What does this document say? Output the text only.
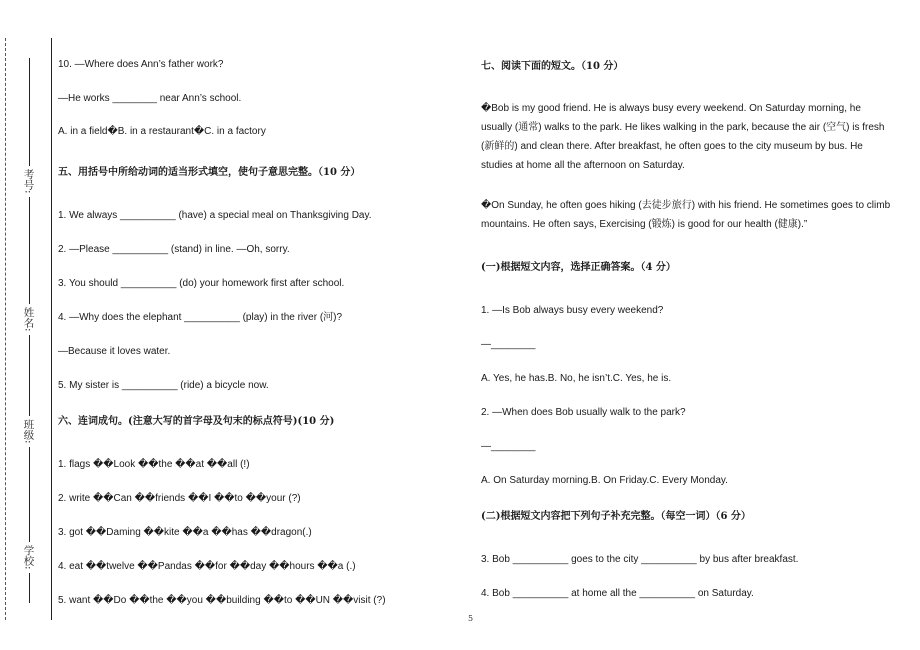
考号:
姓名:
班级:
学校:
10. —Where does Ann’s father work?
—He works ________ near Ann’s school.
A. in a field�B. in a restaurant�C. in a factory
五、用括号中所给动词的适当形式填空，使句子意思完整。（10 分）
1. We always __________ (have) a special meal on Thanksgiving Day.
2. —Please __________ (stand) in line. —Oh, sorry.
3. You should __________ (do) your homework first after school.
4. —Why does the elephant __________ (play) in the river (河)?
—Because it loves water.
5. My sister is __________ (ride) a bicycle now.
六、连词成句。(注意大写的首字母及句末的标点符号)(10 分)
1. flags ��Look ��the ��at ��all (!)
2. write ��Can ��friends ��I ��to ��your (?)
3. got ��Daming ��kite ��a ��has ��dragon(.)
4. eat ��twelve ��Pandas ��for ��day ��hours ��a (.)
5. want ��Do ��the ��you ��building ��to ��UN ��visit (?)
七、阅读下面的短文。（10 分）
�Bob is my good friend. He is always busy every weekend. On Saturday morning, he usually (通常) walks to the park. He likes walking in the park, because the air (空气) is fresh (新鲜的) and clean there. After breakfast, he often goes to the city museum by bus. He studies at home all the afternoon on Saturday.
�On Sunday, he often goes hiking (去徒步旅行) with his friend. He sometimes goes to climb mountains. He often says, Exercising (锻炼) is good for our health (健康).”
(一)根据短文内容，选择正确答案。（4 分）
1. —Is Bob always busy every weekend?
—________
A. Yes, he has.B. No, he isn’t.C. Yes, he is.
2. —When does Bob usually walk to the park?
—________
A. On Saturday morning.B. On Friday.C. Every Monday.
(二)根据短文内容把下列句子补充完整。（每空一词）（6 分）
3. Bob __________ goes to the city __________ by bus after breakfast.
4. Bob __________ at home all the __________ on Saturday.
5
